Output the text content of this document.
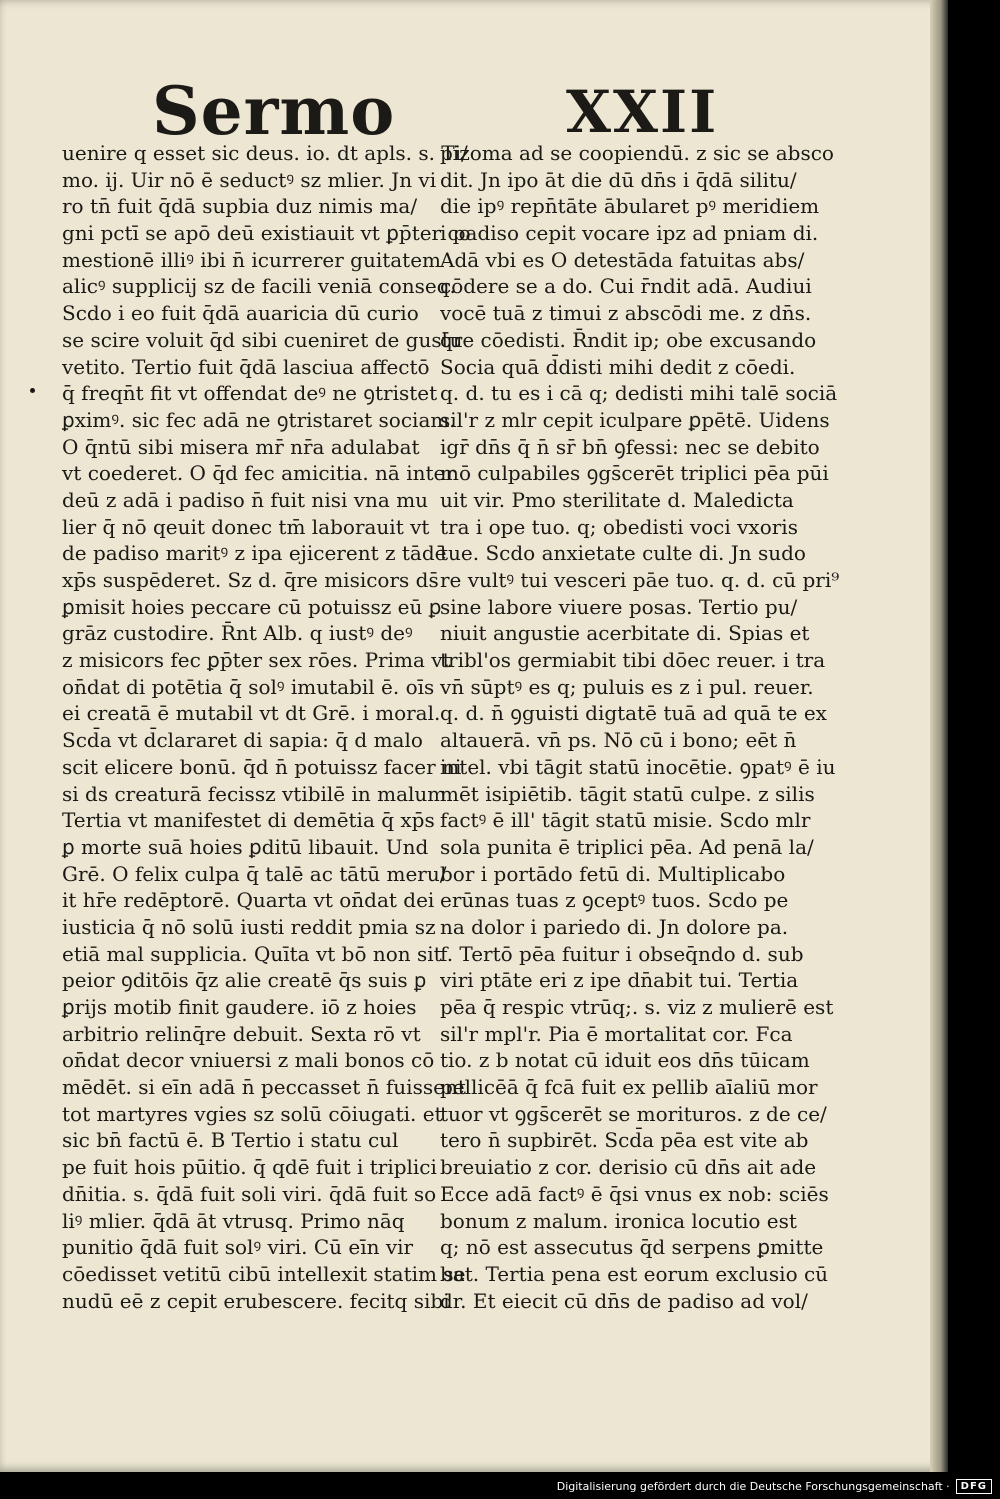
Sermo	XXII
uenire q esset sic deus. io. dt apls. s. Ti/
mo. ij. Uir nō ē seductꝰ sz mlier. Jn vi
ro tn̄ fuit q̄dā supbia duz nimis ma/
gni pctī se apō deū existiauit vt ꝑp̄ter co
mestionē illiꝰ ibi n̄ icurrerer guitatem
alicꝰ supplicij sz de facili veniā conseq.
Scdo i eo fuit q̄dā auaricia dū curio
se scire voluit q̄d sibi cueniret de gustu
vetito. Tertio fuit q̄dā lasciua affectō
q̄ freqn̄t fit vt offendat deꝰ ne ꝯtristet
ꝑximꝰ. sic fec adā ne ꝯtristaret sociam.
O q̄ntū sibi misera mr̄ nr̄a adulabat
vt coederet. O q̄d fec amicitia. nā inter
deū z adā i padiso n̄ fuit nisi vna mu
lier q̄ nō qeuit donec tm̄ laborauit vt
de padiso maritꝰ z ipa ejicerent z tādē
xp̄s suspēderet. Sz d. q̄re misicors ds̄
ꝑmisit hoies peccare cū potuissz eū ꝑ
grāz custodire. R̄nt Alb. q iustꝰ deꝰ
z misicors fec ꝑp̄ter sex rōes. Prima vt
on̄dat di potētia q̄ solꝰ imutabil ē. oīs
ei creatā ē mutabil vt dt Grē. i moral.
Scd̄a vt d̄clararet di sapia: q̄ d malo
scit elicere bonū. q̄d n̄ potuissz facer ni
si ds creaturā fecissz vtibilē in malum
Tertia vt manifestet di demētia q̄ xp̄s
ꝑ morte suā hoies ꝑditū libauit. Und
Grē. O felix culpa q̄ talē ac tātū meru/
it hr̄e redēptorē. Quarta vt on̄dat dei
iusticia q̄ nō solū iusti reddit pmia sz
etiā mal supplicia. Quīta vt bō non sit
peior ꝯditōis q̄z alie creatē q̄s suis ꝑ
ꝑrijs motib finit gaudere. iō z hoies
arbitrio relinq̄re debuit. Sexta rō vt
on̄dat decor vniuersi z mali bonos cō
mēdēt. si eīn adā n̄ peccasset n̄ fuissent
tot martyres vgies sz solū cōiugati. et
sic bn̄ factū ē. B Tertio i statu cul
pe fuit hois pūitio. q̄ qdē fuit i triplici
dn̄itia. s. q̄dā fuit soli viri. q̄dā fuit so
liꝰ mlier. q̄dā āt vtrusq. Primo nāq
punitio q̄dā fuit solꝰ viri. Cū eīn vir
cōedisset vetitū cibū intellexit statim se
nudū eē z cepit erubescere. fecitq sibi
pizoma ad se coopiendū. z sic se absco
dit. Jn ipo āt die dū dn̄s i q̄dā silitu/
die ipꝰ repn̄tāte ābularet pꝰ meridiem
i padiso cepit vocare ipz ad pniam di.
Adā vbi es O detestāda fatuitas abs/
cōdere se a do. Cui r̄ndit adā. Audiui
vocē tuā z timui z abscōdi me. z dn̄s.
q̄re cōedisti. R̄ndit ip; obe excusando
Socia quā d̄disti mihi dedit z cōedi.
q. d. tu es i cā q; dedisti mihi talē sociā
sil'r z mlr cepit iculpare ꝑpētē. Uidens
igr̄ dn̄s q̄ n̄ sr̄ bn̄ ꝯfessi: nec se debito
mō culpabiles ꝯgs̄cerēt triplici pēa pūi
uit vir. Pmo sterilitate d. Maledicta
tra i ope tuo. q; obedisti voci vxoris
tue. Scdo anxietate culte di. Jn sudo
re vultꝰ tui vesceri pāe tuo. q. d. cū pri⁹
sine labore viuere posas. Tertio pu/
niuit angustie acerbitate di. Spias et
tribl'os germiabit tibi dōec reuer. i tra
vn̄ sūptꝰ es q; puluis es z i pul. reuer.
q. d. n̄ ꝯguisti digtatē tuā ad quā te ex
altauerā. vn̄ ps. Nō cū i bono; eēt n̄
intel. vbi tāgit statū inocētie. ꝯpatꝰ ē iu
mēt isipiētib. tāgit statū culpe. z silis
factꝰ ē ill' tāgit statū misie. Scdo mlr
sola punita ē triplici pēa. Ad penā la/
bor i portādo fetū di. Multiplicabo
erūnas tuas z ꝯceptꝰ tuos. Scdo pe
na dolor i pariedo di. Jn dolore pa.
f. Tertō pēa fuitur i obseq̄ndo d. sub
viri ptāte eri z ipe dn̄abit tui. Tertia
pēa q̄ respic vtrūq;. s. viz z mulierē est
sil'r mpl'r. Pia ē mortalitat cor. Fca
tio. z b notat cū iduit eos dn̄s tūicam
pellicēā q̄ fcā fuit ex pellib aīaliū mor
tuor vt ꝯgs̄cerēt se morituros. z de ce/
tero n̄ supbirēt. Scd̄a pēa est vite ab
breuiatio z cor. derisio cū dn̄s ait ade
Ecce adā factꝰ ē q̄si vnus ex nob: sciēs
bonum z malum. ironica locutio est
q; nō est assecutus q̄d serpens ꝑmitte
bat. Tertia pena est eorum exclusio cū
dr. Et eiecit cū dn̄s de padiso ad vol/
Digitalisierung gefördert durch die Deutsche Forschungsgemeinschaft ·	DFG
